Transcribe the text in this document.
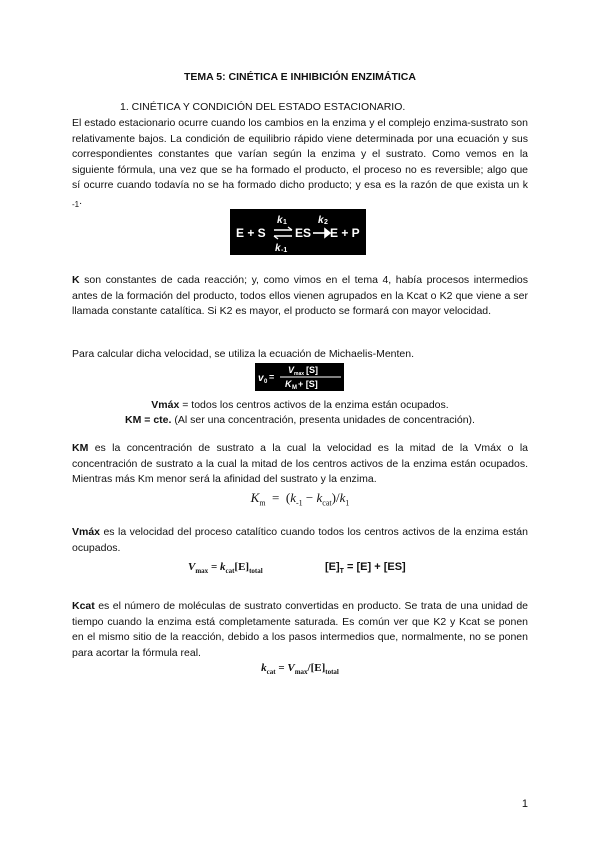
TEMA 5: CINÉTICA E INHIBICIÓN ENZIMÁTICA
1. CINÉTICA Y CONDICIÓN DEL ESTADO ESTACIONARIO.

El estado estacionario ocurre cuando los cambios en la enzima y el complejo enzima-sustrato son relativamente bajos. La condición de equilibrio rápido viene determinada por una ecuación y sus correspondientes constantes que varían según la enzima y el sustrato. Como vemos en la siguiente fórmula, una vez que se ha formado el producto, el proceso no es reversible; algo que sí ocurre cuando todavía no se ha formado dicho producto; y esa es la razón de que exista un k $_{-1}$.

E + S
k 1
k -1
ES
k 2
E + P

K son constantes de cada reacción; y, como vimos en el tema 4, había procesos intermedios antes de la formación del producto, todos ellos vienen agrupados en la Kcat o K2 que viene a ser llamada constante catalítica. Si K2 es mayor, el producto se formará con mayor velocidad.

Para calcular dicha velocidad, se utiliza la ecuación de Michaelis-Menten.

v 0 =
V max [S]
K M + [S]

Vmáx = todos los centros activos de la enzima están ocupados.

KM = cte. (Al ser una concentración, presenta unidades de concentración).

KM es la concentración de sustrato a la cual la velocidad es la mitad de la Vmáx o la concentración de sustrato a la cual la mitad de los centros activos de la enzima están ocupados. Mientras más Km menor será la afinidad del sustrato y la enzima.

$K_m = (k_{-1} - k_{cat})/k_1$

Vmáx es la velocidad del proceso catalítico cuando todos los centros activos de la enzima están ocupados.

$V_{max} = k_{cat}[E]_{total}$	$[E]_T = [E] + [ES]$

Kcat es el número de moléculas de sustrato convertidas en producto. Se trata de una unidad de tiempo cuando la enzima está completamente saturada. Es común ver que K2 y Kcat se ponen en el mismo sitio de la reacción, debido a los pasos intermedios que, normalmente, no se ponen para acortar la fórmula real.

$k_{cat} = V_{max}/[E]_{total}$
1
